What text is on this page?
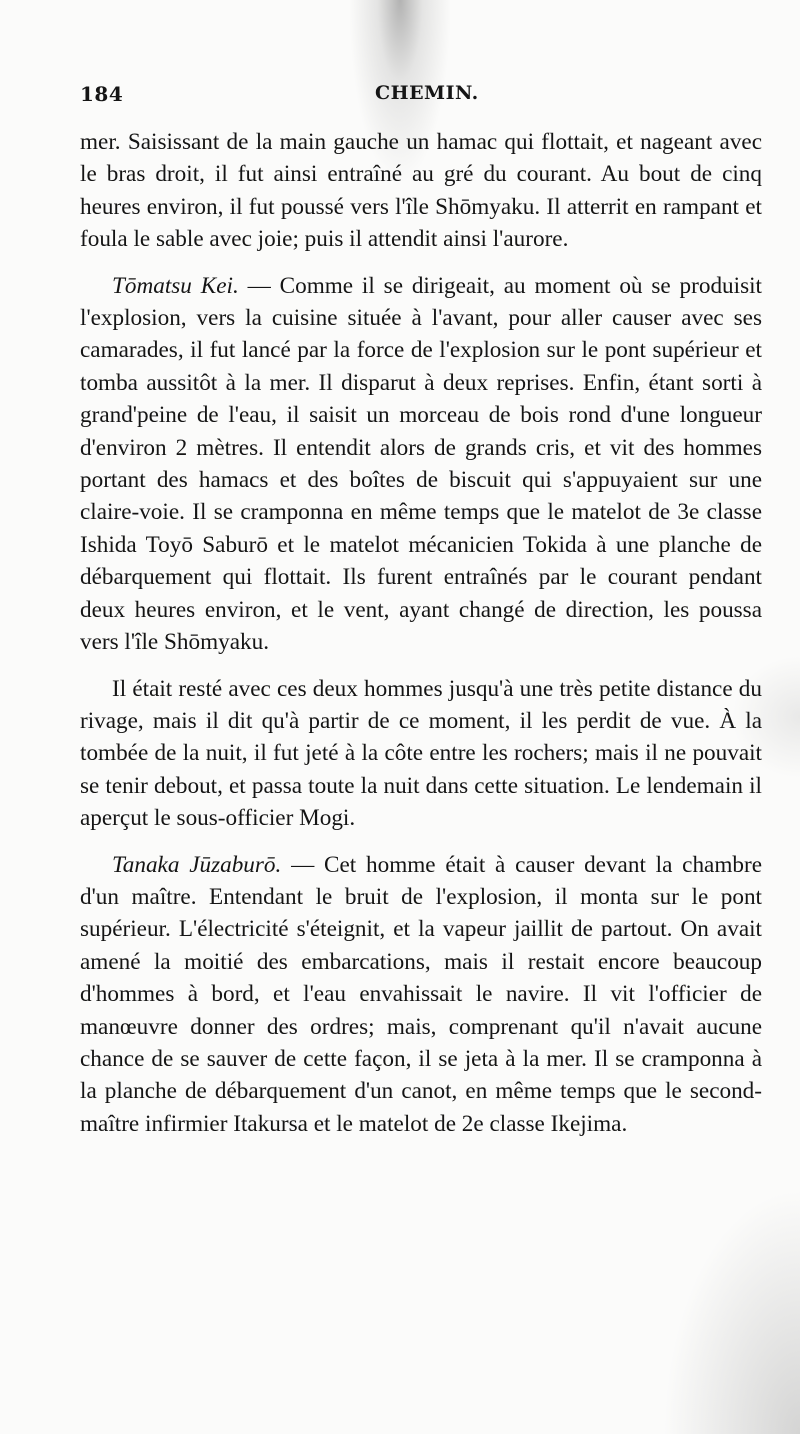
184	CHEMIN.

mer. Saisissant de la main gauche un hamac qui flottait, et nageant avec le bras droit, il fut ainsi entraîné au gré du courant. Au bout de cinq heures environ, il fut poussé vers l'île Shōmyaku. Il atterrit en rampant et foula le sable avec joie; puis il attendit ainsi l'aurore.

Tōmatsu Kei. — Comme il se dirigeait, au moment où se produisit l'explosion, vers la cuisine située à l'avant, pour aller causer avec ses camarades, il fut lancé par la force de l'explosion sur le pont supérieur et tomba aussitôt à la mer. Il disparut à deux reprises. Enfin, étant sorti à grand'peine de l'eau, il saisit un morceau de bois rond d'une longueur d'environ 2 mètres. Il entendit alors de grands cris, et vit des hommes portant des hamacs et des boîtes de biscuit qui s'appuyaient sur une claire-voie. Il se cramponna en même temps que le matelot de 3e classe Ishida Toyō Saburō et le matelot mécanicien Tokida à une planche de débarquement qui flottait. Ils furent entraînés par le courant pendant deux heures environ, et le vent, ayant changé de direction, les poussa vers l'île Shōmyaku.

Il était resté avec ces deux hommes jusqu'à une très petite distance du rivage, mais il dit qu'à partir de ce moment, il les perdit de vue. À la tombée de la nuit, il fut jeté à la côte entre les rochers; mais il ne pouvait se tenir debout, et passa toute la nuit dans cette situation. Le lendemain il aperçut le sous-officier Mogi.

Tanaka Jūzaburō. — Cet homme était à causer devant la chambre d'un maître. Entendant le bruit de l'explosion, il monta sur le pont supérieur. L'électricité s'éteignit, et la vapeur jaillit de partout. On avait amené la moitié des embarcations, mais il restait encore beaucoup d'hommes à bord, et l'eau envahissait le navire. Il vit l'officier de manœuvre donner des ordres; mais, comprenant qu'il n'avait aucune chance de se sauver de cette façon, il se jeta à la mer. Il se cramponna à la planche de débarquement d'un canot, en même temps que le second-maître infirmier Itakursa et le matelot de 2e classe Ikejima.
